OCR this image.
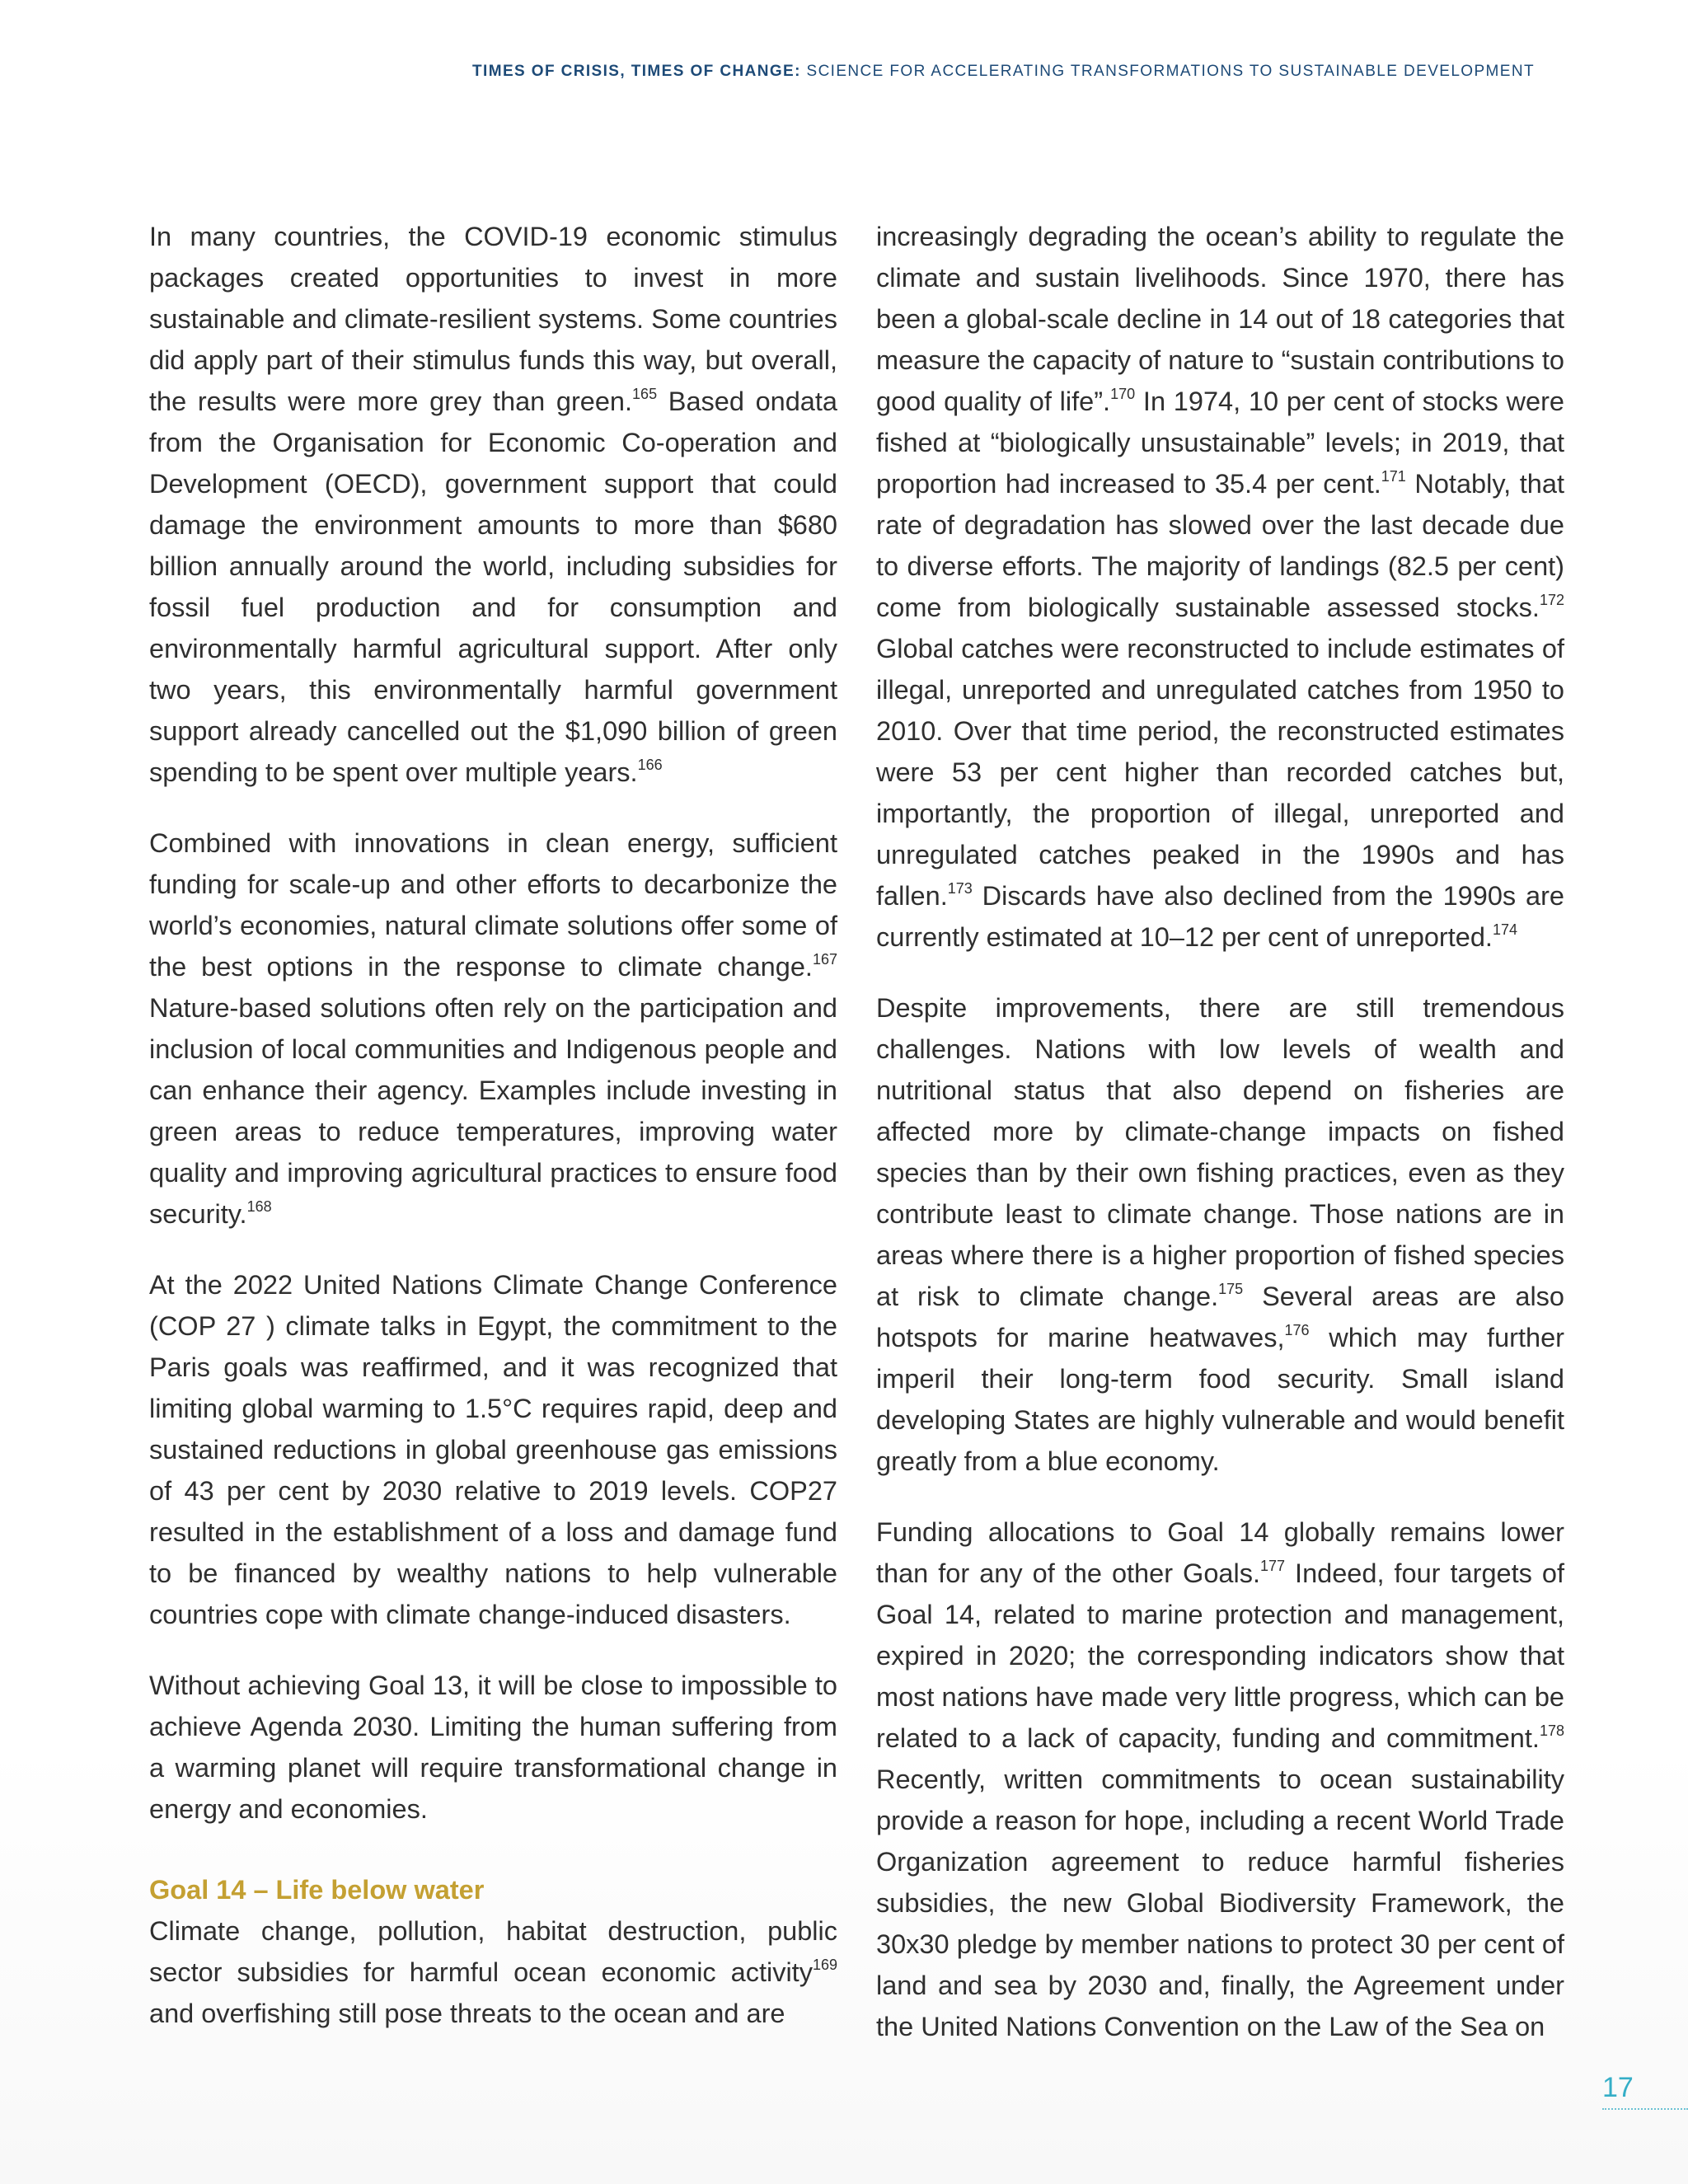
TIMES OF CRISIS, TIMES OF CHANGE: SCIENCE FOR ACCELERATING TRANSFORMATIONS TO SUSTAINABLE DEVELOPMENT

In many countries, the COVID-19 economic stimulus packages created opportunities to invest in more sustainable and climate-resilient systems. Some countries did apply part of their stimulus funds this way, but overall, the results were more grey than green.$^{165}$ Based ondata from the Organisation for Economic Co-operation and Development (OECD), government support that could damage the environment amounts to more than $680 billion annually around the world, including subsidies for fossil fuel production and for consumption and environmentally harmful agricultural support. After only two years, this environmentally harmful government support already cancelled out the $1,090 billion of green spending to be spent over multiple years.$^{166}$

Combined with innovations in clean energy, sufficient funding for scale-up and other efforts to decarbonize the world’s economies, natural climate solutions offer some of the best options in the response to climate change.$^{167}$ Nature-based solutions often rely on the participation and inclusion of local communities and Indigenous people and can enhance their agency. Examples include investing in green areas to reduce temperatures, improving water quality and improving agricultural practices to ensure food security.$^{168}$

At the 2022 United Nations Climate Change Conference (COP 27 ) climate talks in Egypt, the commitment to the Paris goals was reaffirmed, and it was recognized that limiting global warming to 1.5°C requires rapid, deep and sustained reductions in global greenhouse gas emissions of 43 per cent by 2030 relative to 2019 levels. COP27 resulted in the establishment of a loss and damage fund to be financed by wealthy nations to help vulnerable countries cope with climate change-induced disasters.

Without achieving Goal 13, it will be close to impossible to achieve Agenda 2030. Limiting the human suffering from a warming planet will require transformational change in energy and economies.

Goal 14 – Life below water

Climate change, pollution, habitat destruction, public sector subsidies for harmful ocean economic activity$^{169}$ and overfishing still pose threats to the ocean and are

increasingly degrading the ocean’s ability to regulate the climate and sustain livelihoods. Since 1970, there has been a global-scale decline in 14 out of 18 categories that measure the capacity of nature to “sustain contributions to good quality of life”.$^{170}$ In 1974, 10 per cent of stocks were fished at “biologically unsustainable” levels; in 2019, that proportion had increased to 35.4 per cent.$^{171}$ Notably, that rate of degradation has slowed over the last decade due to diverse efforts. The majority of landings (82.5 per cent) come from biologically sustainable assessed stocks.$^{172}$ Global catches were reconstructed to include estimates of illegal, unreported and unregulated catches from 1950 to 2010. Over that time period, the reconstructed estimates were 53 per cent higher than recorded catches but, importantly, the proportion of illegal, unreported and unregulated catches peaked in the 1990s and has fallen.$^{173}$ Discards have also declined from the 1990s are currently estimated at 10–12 per cent of unreported.$^{174}$

Despite improvements, there are still tremendous challenges. Nations with low levels of wealth and nutritional status that also depend on fisheries are affected more by climate-change impacts on fished species than by their own fishing practices, even as they contribute least to climate change. Those nations are in areas where there is a higher proportion of fished species at risk to climate change.$^{175}$ Several areas are also hotspots for marine heatwaves,$^{176}$ which may further imperil their long-term food security. Small island developing States are highly vulnerable and would benefit greatly from a blue economy.

Funding allocations to Goal 14 globally remains lower than for any of the other Goals.$^{177}$ Indeed, four targets of Goal 14, related to marine protection and management, expired in 2020; the corresponding indicators show that most nations have made very little progress, which can be related to a lack of capacity, funding and commitment.$^{178}$ Recently, written commitments to ocean sustainability provide a reason for hope, including a recent World Trade Organization agreement to reduce harmful fisheries subsidies, the new Global Biodiversity Framework, the 30x30 pledge by member nations to protect 30 per cent of land and sea by 2030 and, finally, the Agreement under the United Nations Convention on the Law of the Sea on

17
